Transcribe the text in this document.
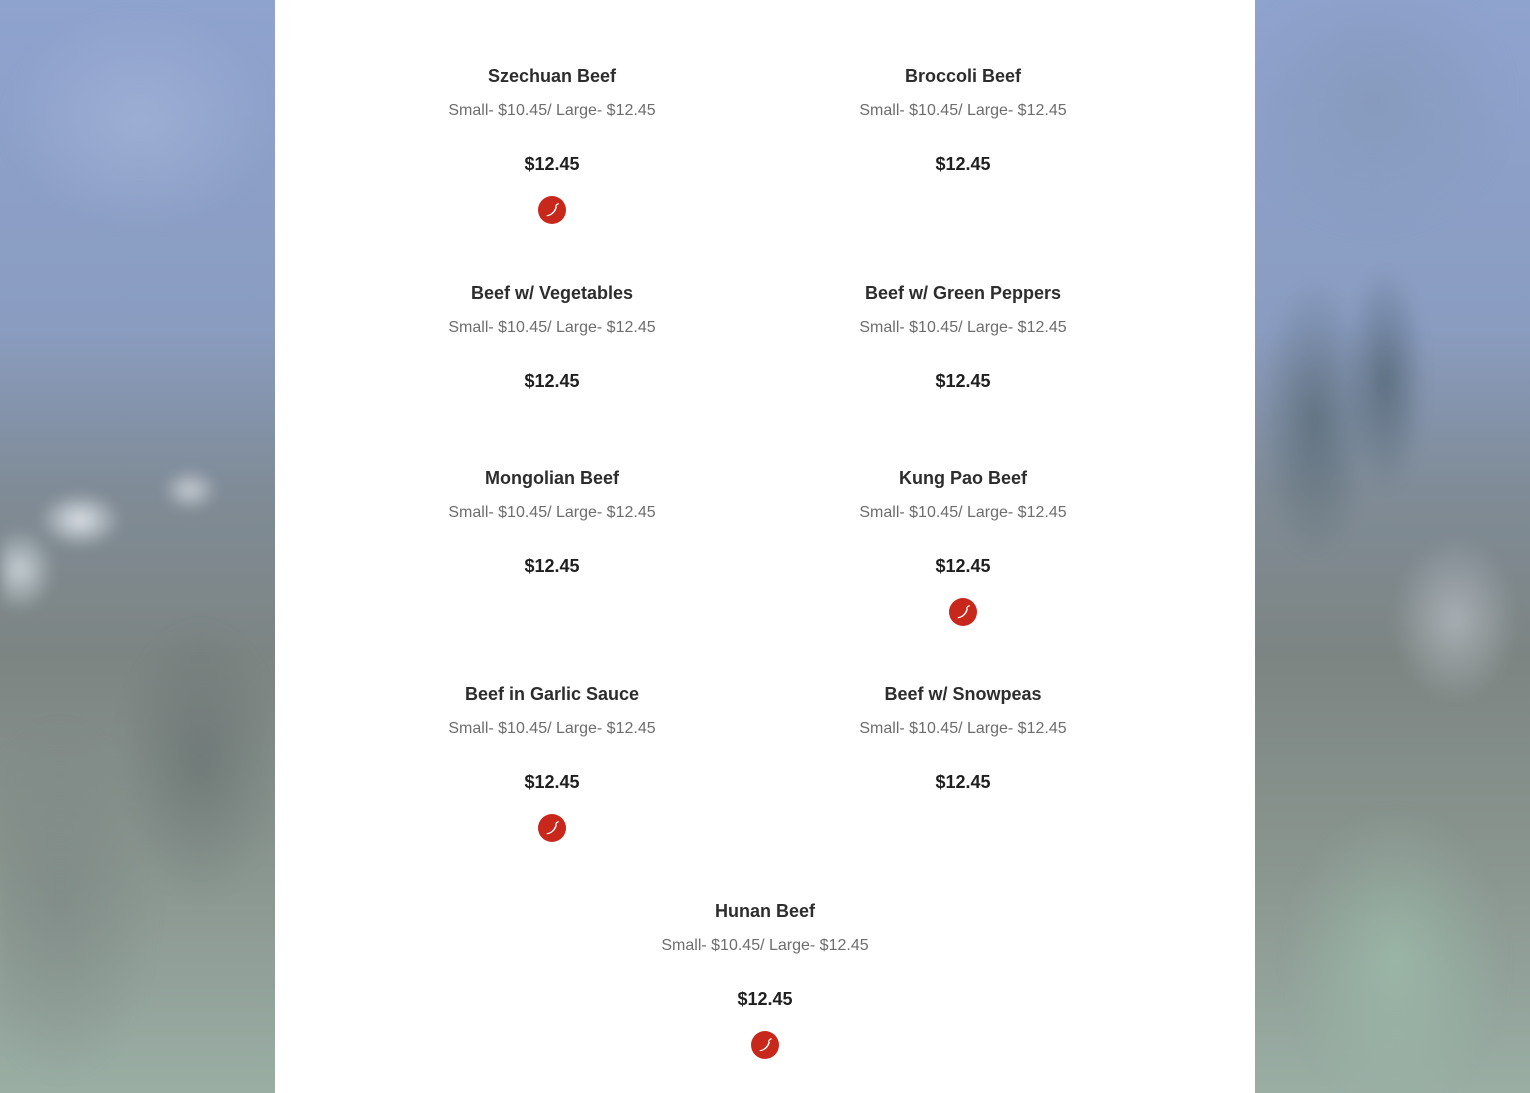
Szechuan Beef
Small- $10.45/ Large- $12.45
$12.45
Broccoli Beef
Small- $10.45/ Large- $12.45
$12.45
Beef w/ Vegetables
Small- $10.45/ Large- $12.45
$12.45
Beef w/ Green Peppers
Small- $10.45/ Large- $12.45
$12.45
Mongolian Beef
Small- $10.45/ Large- $12.45
$12.45
Kung Pao Beef
Small- $10.45/ Large- $12.45
$12.45
Beef in Garlic Sauce
Small- $10.45/ Large- $12.45
$12.45
Beef w/ Snowpeas
Small- $10.45/ Large- $12.45
$12.45
Hunan Beef
Small- $10.45/ Large- $12.45
$12.45
